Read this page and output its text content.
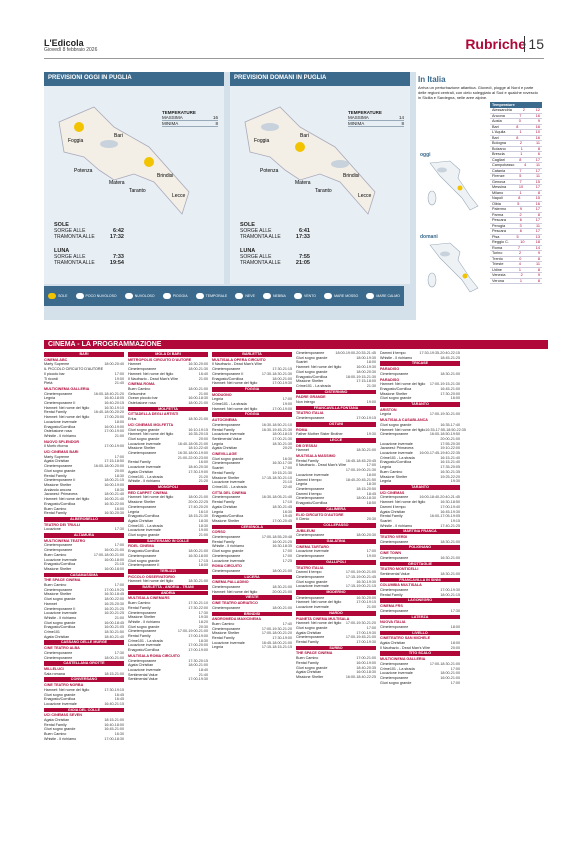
L'Edicola
Giovedì 8 febbraio 2026	Rubriche 15
PREVISIONI OGGI IN PUGLIA
Foggia
Bari
Brindisi
Potenza
Matera
Taranto
Lecce
TEMPERATURE
MASSIMA	16
MINIMA	8
SOLE
SORGE ALLE	6:42
TRAMONTA ALLE	17:32
LUNA
SORGE ALLE	7:33
TRAMONTA ALLE	19:54
PREVISIONI DOMANI IN PUGLIA
Foggia
Bari
Brindisi
Potenza
Matera
Taranto
Lecce
TEMPERATURE
MASSIMA	14
MINIMA	8
SOLE
SORGE ALLE	6:41
TRAMONTA ALLE	17:33
LUNA
SORGE ALLE	7:55
TRAMONTA ALLE	21:05
SOLE	POCO NUVOLOSO	NUVOLOSO	PIOGGIA	TEMPORALE	NEVE	NEBBIA	VENTO	MARE MOSSO	MARE CALMO
In Italia
Arriva un perturbazione atlantica. Giovedì, piogge al Nord e parte delle regioni centrali, con cielo soleggiato al Sud e qualche rovescio in Sicilia e Sardegna, nelle aree alpine.
oggi
domani
Temperature
Alessandria	2	12
Ancona	7	16
Aosta	0	9
Bari	8	16
L'Aquila	1	10
Bari	8	16
Bologna	2	11
Bolzano	1	8
Brescia	1	6
Cagliari	8	17
Campobasso	4	11
Catania	7	17
Firenze	5	11
Genova	7	15
Messina	10	17
Milano	1	8
Napoli	8	15
Olbia	5	16
Palermo	9	17
Parma	2	8
Pescara	6	17
Perugia	3	11
Pescara	6	17
Pisa	5	13
Reggio C.	10	18
Roma	7	14
Torino	2	9
Trento	0	8
Trieste	4	11
Udine	1	8
Venezia	2	9
Verona	1	8
CINEMA - LA PROGRAMMAZIONE
BARI
CINEMA ABC
Marty Supreme	18:00-20:40
IL PICCOLO CIRCUITO D'AUTORE
Il piccolo bar	17:00
Ti ricordi	19:00
Pietà	21:40
MULTICINEMA GALLERIA
Cimetemporanee	16:00-18:40-21:20
Legnia	16:40-18:05
Cimetemporanee II	16:40-20:15
Hamnet: Nel nome del figlio	16:30-19:10
Rental Family	16:40-18:00-20:20
Hamnet: Nel nome del figlio	17:00-20:00
Locazione invernale	18:00
Enagosto/Cornilloa	16:00-19:00
Ostelusione rosa	17:00-19:00
Whistle - Il richiamo	21:00
NUOVO SPLENDOR
Il Morfo ritorna	17:00-19:00
UCI CINEMAS BARI
Marty Supreme	17:00
Agata Christian	17:15-18:50
Cimetemporanee	16:00-18:00-20:00
Giuri sogno grande	20:00
Rental Family	18:30
Cimetemporanee II	18:00-21:15
Missione Shelter	16:00-19:00
Andando ancora	18:30
Javanesi: Primavera	18:00-21:40
Hamnet: Nel nome del figlio	16:00-21:40
Enagosto/Cornilloa	16:30-22:00
Buen Camino	16:00
Rental Family	16:30-20:30
ALBEROBELLO
TEATRO DEI TRULLI
Locazione	17:30
ALTAMURA
MULTICINEMA TEATRO
Cimetemporanee	17:00
Cimetemporanee	16:00-21:00
Buen Camino	17:00-18:00-21:00
Locazione invernale	16:00-18:00
Enagosto/Cornilloa	21:15
Missione Shelter	16:00-18:00
CASAMASSIMA
THE SPACE CINEMA
Buen Camino	17:00
Cimetemporanee	17:00-19:25
Missione Shelter	16:30-18:45
Giuri sogno grande	18:00-22:00
Hamnet	16:25-20:30
Cimetemporanee II	16:20-21:25
Locazione invernale	16:20-21:25
Whistle - Il richiamo	21:00
Giuri sogno grande	16:00-18:45
Enagosto/Cornilloa	16:00-21:05
Crime101	18:30-21:50
Agata Christian	18:40-21:40
CASSANO DELLE MURGE
CINE TEATRO ALBA
Cimetemporanee	17:30
Cimetemporanee	18:00-21:00
CASTELLANA GROTTE
MILLELUCI
Sala romana	18:15-21:00
CONVERSANO
CINE TEATRO NORBA
Hamnet: Nel nome del figlio	17:30-19:15
Giuri sogno grande	16:45
Enagosto/Cornilloa	16:45
Locazione invernale	16:40-21:15
GIOIA DEL COLLE
UCI CINEMAS SEVEN
Agata Christian	18:15-21:00
Rental Family	16:40-18:00
Giuri sogno grande	16:45-21:00
Buen Camino	16:30
Whistle - Il richiamo	17:00-18:30
MOLA DI BARI
METROPOLIS CIRCUITO D'AUTORE
Hamnet	16:30-20:00
Cimetemporanee	18:00-21:30
Hamnet: Nel nome del figlio	16:40
Il Naufrazio - Dead Man's Wire	21:00
CINEMA ROMA
Buen Camino	18:00-21:00
Gelsomine	21:00
Ocean piccolo bar	16:00-18:30
Ostelusione rosa	18:00-21:00
MOLFETTA
CITTADELLA DEGLI ARTISTI
Erlus	18:30-21:00
UCI CINEMAS MOLFETTA
Giuri sogno grande	16:10-19:15
Hamnet: Nel nome del figlio	16:35-20:15
Giuri sogno grande	20:00
Locazione invernale	16:40-18:05-21:00
Missione Shelter	18:10-22:40
Cimetemporanee	16:30-18:00-19:00
21:00-22:00-23:00
Rental Family	16:00
Locazione invernale	18:40-20:30
Agata Christian	17:30-19:00
Crime101 - La strada	21:20
Whistle - Il richiamo	21:20
MONOPOLI
RED CARPET CINEMA
Hamnet: Nel nome del figlio	18:00-21:00
Missione Shelter	20:00-22:25
Cimetemporanee	17:40-20:20
Legnia	16:10
Enagosto/Cornilloa	18:15-21:30
Agata Christian	18:30
Crime101 - La strada	18:30
Locazione invernale	19:00
Giuri sogno grande	21:00
SANTERAMO IN COLLE
FIDEL CINEMA
Enagosto/Cornilloa	18:00-21:00
Cimetemporanee	16:30-18:00
Giuri sogno grande	17:15
Cimetemporanee II	18:00
TERLIZZI
PICCOLO OSSERVATORIO
Hamnet: Nel nome del figlio	18:30-21:00
BARLETTA - ANDRIA - TRANI
ANDRIA
MULTISALA CINEMARS
Buen Camino	17:30-21:10
Rental Family	17:30-22:00
Cimetemporanee	17:30
Missione Shelter	19:30
Whistle - Il richiamo	18:20
Giuri sogno grande	20:30
Cimetemporanee	17:00-19:00-21:00
Rental Family	17:00-19:00
Crime101 - La strada	18:30
Locazione invernale	17:00-20:00
Enagosto/Cornilloa	17:00-19:00
MULTISALA ROMA CIRCUITO
Cimetemporanee	17:30-20:15
Agata Christian	18:00-21:00
Locazione invernale	18:40
Sentimental Value	21:40
Sentimental Value	17:00-19:30
BARLETTA
MULTISALA OPERA CIRCUITO
Il Naufrazio - Dead Man's Wire
Cimetemporanee	17:30-21:15
Cimetemporanee II	17:30-18:30-21:30
Enagosto/Cornilloa	18:00-21:00
Hamnet: Nel nome del figlio	17:00-19:30
FOGGIA
MODUGNO
Legnia	17:00
Crime101 - La strada	19:00
Hamnet: Nel nome del figlio	17:00-19:00
FOGGIA
AUTOCINEMA
Cimetemporanee	16:30-18:50-21:10
Rental Family	16:30-19:45-21:30
Locazione invernale	18:00-18:15
Sentimental Value	17:00-21:30
Legnia	18:30-21:30
Agata Christian	20:20
CINEVILLAGE
Giuri sogno grande	16:30
Cimetemporanee	16:30-17:30
Scarlet	17:00
Rental Family	19:15-21:30
Missione Shelter	17:15-18:30-21:10
Locazione invernale	21:10
Crime101 - La strada	22:40
CITTA DEL CINEMA
Cimetemporanee	16:30-18:05-21:40
Rental Family	17:10
Agata Christian	18:30-21:45
Legnia	16:30
Enagosto/Cornilloa	19:45
Missione Shelter	17:00-20:45
CERIGNOLA
CORSO
Cimetemporanee	17:00-18:55-20:48
Rental Family	16:00-21:25
Whistle - Il richiamo	16:30-18:35
Giuri sogno grande	17:00
Cimetemporanee	17:00
Locazione invernale	17:25
ROMA CIRCUITO
Cimetemporanee	18:00-21:00
LUCERA
CINEMA PALLADINO
Cimetemporanee	18:30-21:00
Hamnet: Nel nome del figlio	20:00-21:00
VIESTE
CINE TEATRO ADRIATICO
Cimetemporanee	18:00-21:00
BRINDISI
ANDROMEDA MAXICINEMA
Buen Camino	17:40
Cimetemporanee	17:00-19:30-21:20
Missione Shelter	17:00-18:00-21:20
Rental Family	17:30-19:00
Locazione invernale	16:45-18:00-21:00
Legnia	17:15-18:15-21:15
Cimetemporanee	18:00-19:00-20:35-21:45
Giuri sogno grande	18:00-19:30
Scarlet	18:00
Hamnet: Nel nome del figlio	16:00-19:30
Giuri sogno grande	18:00-20:30
Enagosto/Cornilloa	18:00-19:15-21:30
Missione Shelter	17:15-18:00
Crime101 - La strada	21:30
CISTERNINO
PADRE GRANDE
Non intergo	19:00
FRANCAVILLA FONTANA
TEATRO ITALIA
Cimetemporanee	17:00-19:15
OSTUNI
ROMA
Father Mother Sister Brother	19:30
LECCE
DB D'ESSAI
Hamnet	18:30-21:00
MULTISALA MASSIMO
Rental Family	16:45-18:45-20:45
Il Naufrazio - Dead Man's Wire	17:00
17:00-19:00-21:30
Locazione invernale	18:00
Dammi il tempo	18:40-20:45-21:50
Legnia	18:30
Cimetemporanee	18:15-20:50
Dammi il tempo	18:45
Cimetemporanee	18:00-18:30
Enagosto/Cornilloa	18:50
CALIMERA
ELIO CIRCUITO D'AUTORE
Il Clenio	20:30
COLLEPASSO
JUBILEUM
Cimetemporanee	18:00-20:30
GALATINA
CINEMA TARTARO
Locazione invernale	17:00
Cimetemporanee	19:00
GALLIPOLI
TEATRO ITALIA
Dammi il tempo	17:00-19:00-21:00
Cimetemporanee	17:15-19:00-21:45
Giuri sogno grande	16:30-19:30
Locazione invernale	17:15-19:00-21:15
MODERNO
Cimetemporanee	16:30-20:00
Hamnet: Nel nome del figlio	17:00-19:15
Locazione invernale	21:00
NARDO
PIANETA CINEMA MULTISALA
Hamnet: Nel nome del figlio 17:00-19:30-21:20
Giuri sogno grande	17:00
Agata Christian	17:00-19:30
Cimetemporanee	17:00-19:45-21:00
Rental Family	17:00-19:30
SURBO
THE SPACE CINEMA
Buen Camino	17:00-21:00
Rental Family	16:00-19:00
Giuri sogno grande	18:40-20:35
Agata Christian	16:00-18:30
Missione Shelter	16:00-18:40-22:25
Dammi il tempo	17:30-19:35-20:40-22:15
Whistle - Il richiamo	18:45-21:25
TRICASE
PARADISO
Cimetemporanee	18:30-21:00
PARADISO
Hamnet: Nel nome del figlio 17:00-19:15-21:30
Enagosto/Cornilloa	16:45-21:00
Missione Shelter	17:30-20:00
Giuri sogno grande	16:00
TARANTO
ARISTON
Legnia	17:00-19:30-21:00
MULTISALA CASABLANCA
Giuri sogno grande	16:35-17:40
Hamnet: Nel nome del figlio 16:35-17:55-18:50-22:35
Cimetemporanee	16:00-18:50-19:50
20:00-21:00
Locazione invernale	17:55-20:30
Javanesi: Primavera	19:10-22:00
Locazione invernale 16:00-17:45-19:40-22:35
Crime101 - La strada	16:15-21:40
Enagosto/Cornilloa	16:15-21:40
Legnia	17:35-20:05
Buen Camino	16:30-21:35
Missione Shelter	19:25-22:20
Legnia	19:30
TARANTO
UCI CINEMAS
Cimetemporanee	16:00-18:40-20:40-21:45
Hamnet: Nel nome del figlio	16:30-18:50
Dammi il tempo	17:00-19:40
Agata Christian	16:45-19:30
Rental Family	16:00-17:05-19:05
Scarlet	19:15
Whistle - Il richiamo	17:40-21:25
MARTINA FRANCA
TEATRO VERDI
Cimetemporanee	18:30-21:00
POLIGNANO
CINE TOWN
Cimetemporanee	16:30-21:00
GROTTAGLIE
TEATRO MONTICELLI
Sentimental Value	18:30-21:00
FRANCAVILLA IN SINNI
COLUMBIA MULTISALA
Cimetemporanee	17:00-19:30
Rental Family	18:00-21:15
LAGONEGRO
CINEMA FRS
Cimetemporanee	17:30
LATERZA
NUOVA ITALIA
Cimetemporanee	18:00
LIVELLO
CINETEATRO SAN MICHELE
Agata Christian	18:00
Il Naufrazio - Dead Man's Wire	20:00
TITO SCALO
MULTICINEMA GALLERIA
Cimetemporanee	17:00-18:30-21:00
Crime101 - La strada	17:00
Locazione invernale	18:00-21:00
Cimetemporanee	16:00-21:00
Giuri sogno grande	17:00
